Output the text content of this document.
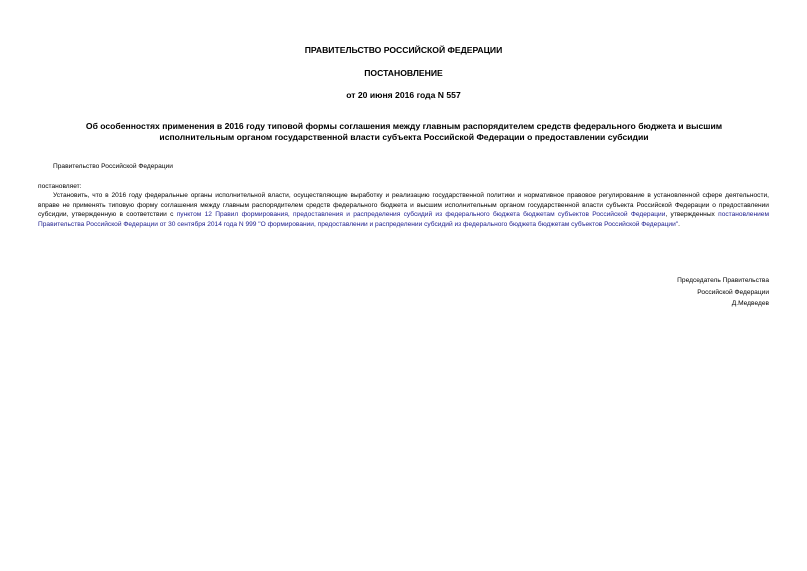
ПРАВИТЕЛЬСТВО РОССИЙСКОЙ ФЕДЕРАЦИИ
ПОСТАНОВЛЕНИЕ
от 20 июня 2016 года N 557
Об особенностях применения в 2016 году типовой формы соглашения между главным распорядителем средств федерального бюджета и высшим исполнительным органом государственной власти субъекта Российской Федерации о предоставлении субсидии
Правительство Российской Федерации
постановляет:
Установить, что в 2016 году федеральные органы исполнительной власти, осуществляющие выработку и реализацию государственной политики и нормативное правовое регулирование в установленной сфере деятельности, вправе не применять типовую форму соглашения между главным распорядителем средств федерального бюджета и высшим исполнительным органом государственной власти субъекта Российской Федерации о предоставлении субсидии, утвержденную в соответствии с пунктом 12 Правил формирования, предоставления и распределения субсидий из федерального бюджета бюджетам субъектов Российской Федерации, утвержденных постановлением Правительства Российской Федерации от 30 сентября 2014 года N 999 "О формировании, предоставлении и распределении субсидий из федерального бюджета бюджетам субъектов Российской Федерации".
Председатель Правительства
Российской Федерации
Д.Медведев
